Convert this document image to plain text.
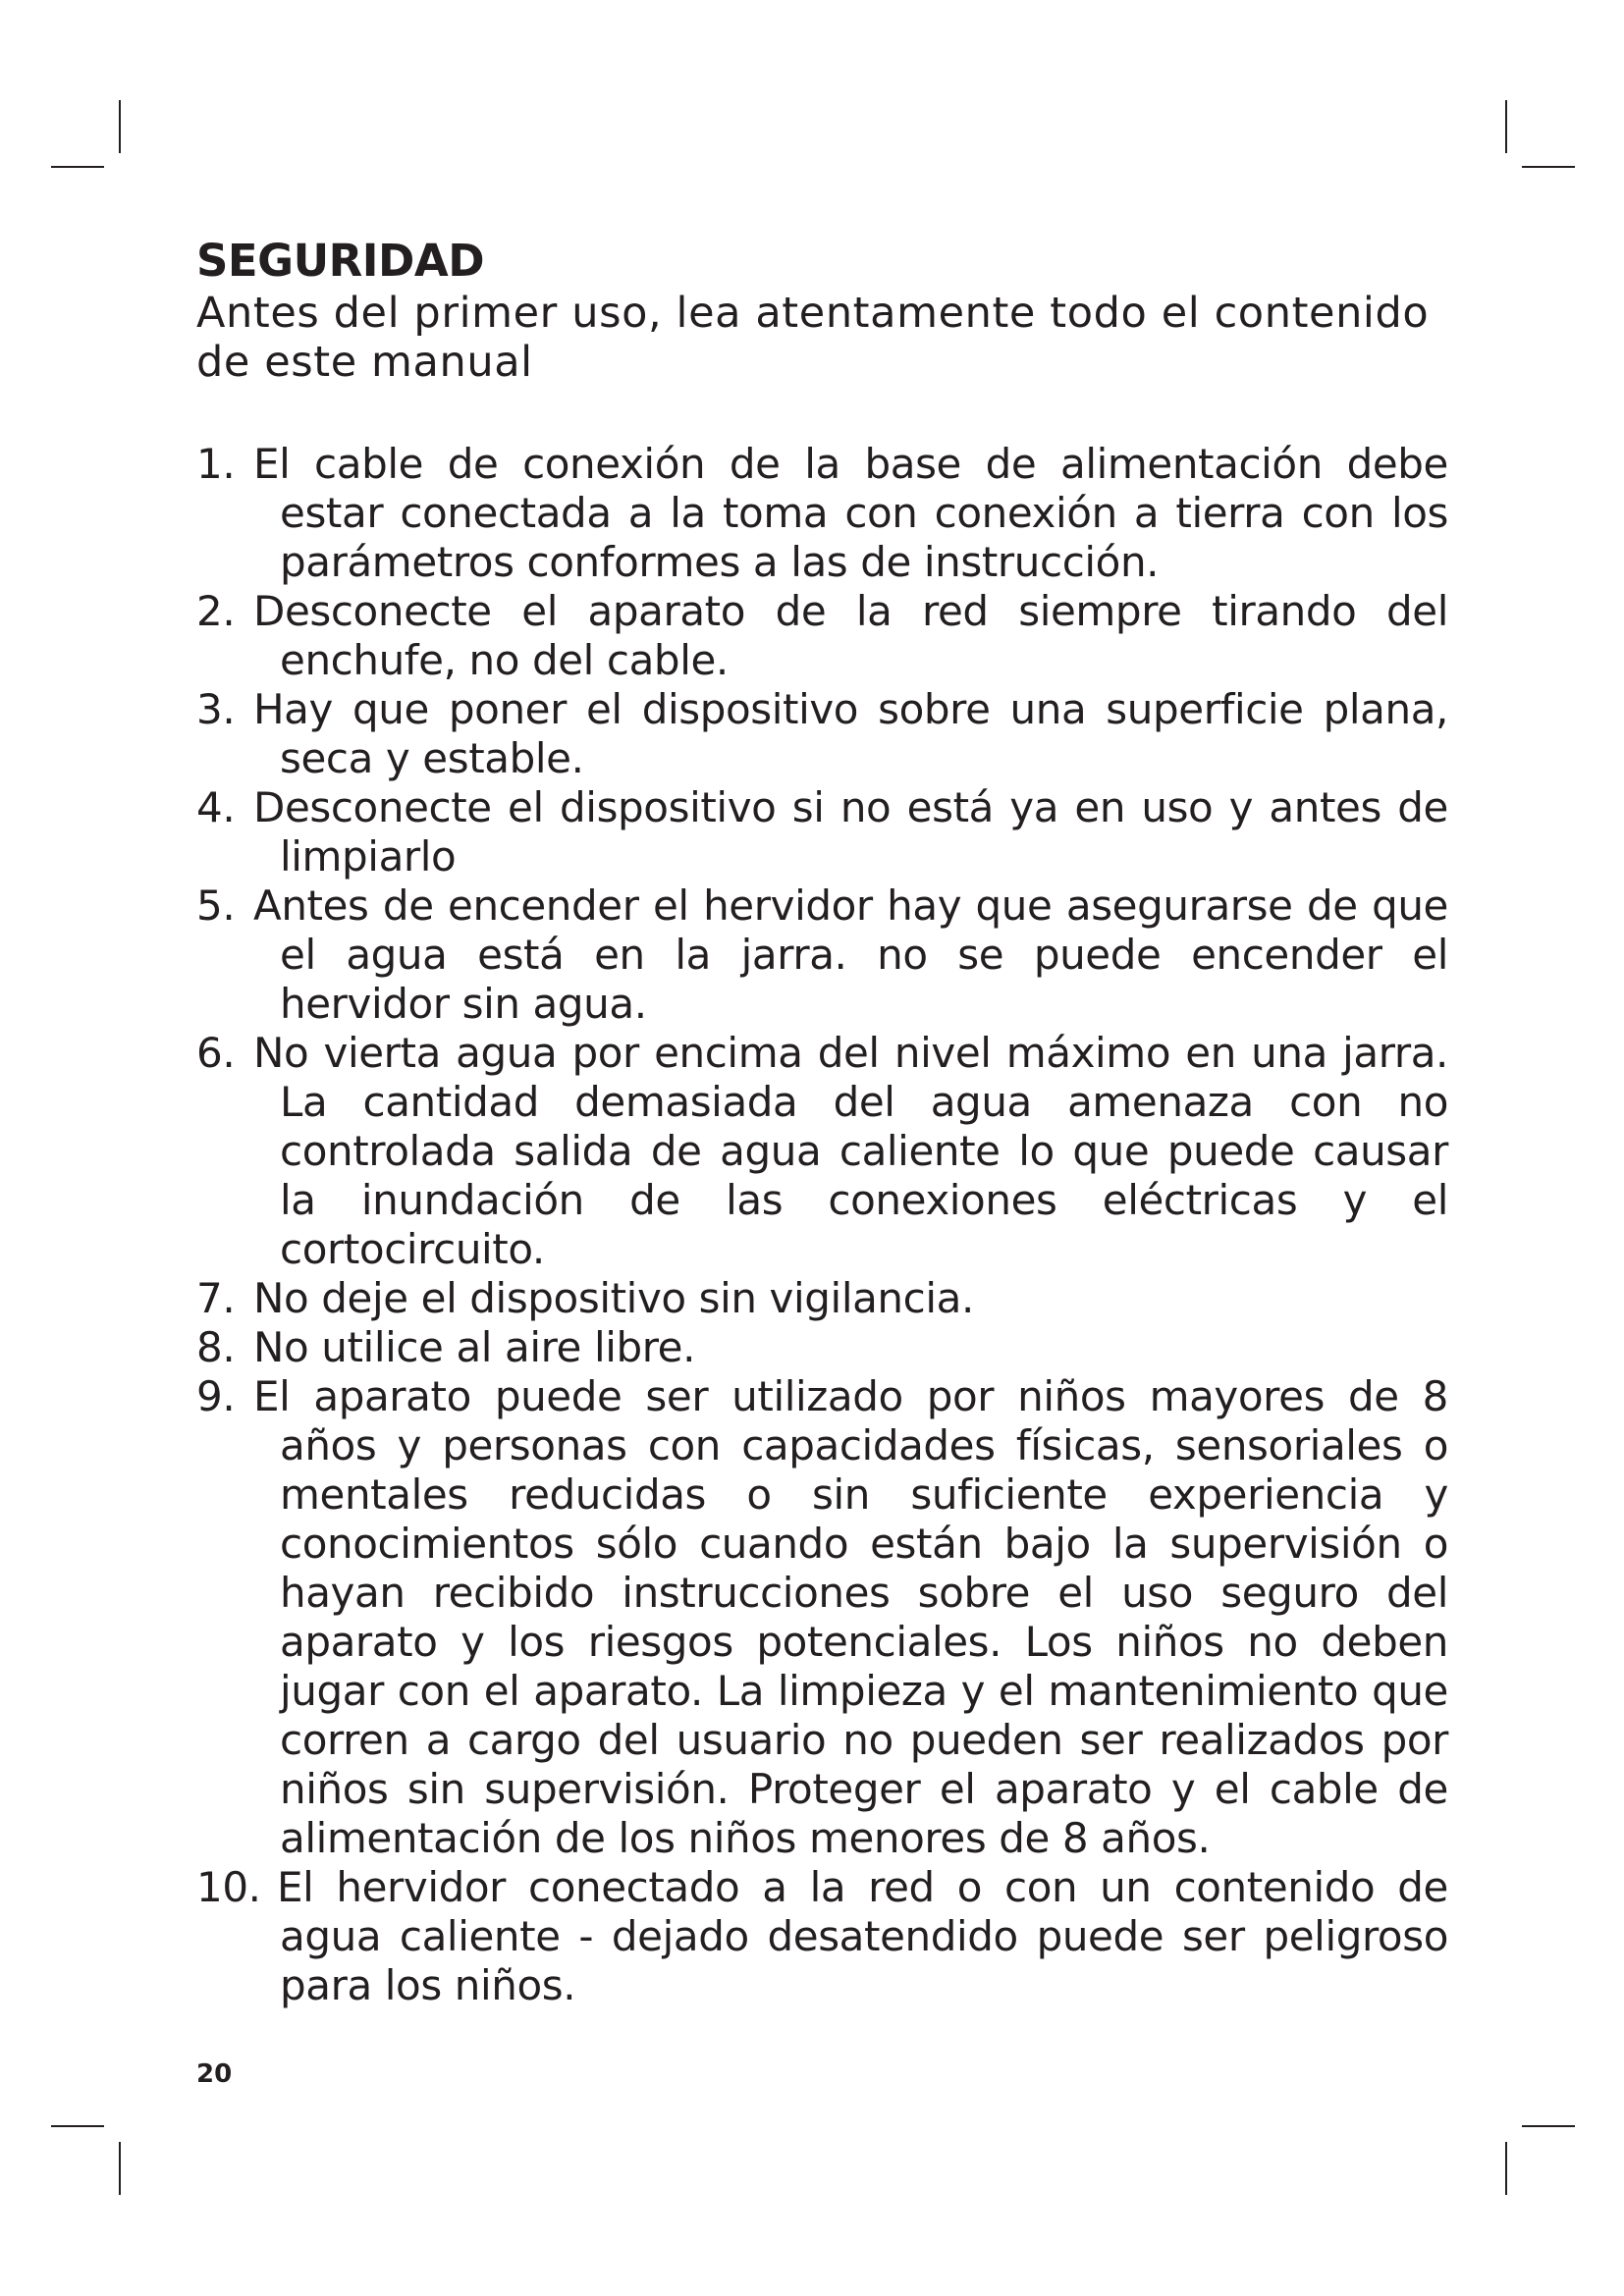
SEGURIDAD

Antes del primer uso, lea atentamente todo el contenido de este manual

1. El cable de conexión de la base de alimentación debe estar conectada a la toma con conexión a tierra con los parámetros conformes a las de instrucción.
2. Desconecte el aparato de la red siempre tirando del enchufe, no del cable.
3. Hay que poner el dispositivo sobre una superficie plana, seca y estable.
4. Desconecte el dispositivo si no está ya en uso y antes de limpiarlo
5. Antes de encender el hervidor hay que asegurarse de que el agua está en la jarra. no se puede encender el hervidor sin agua.
6. No vierta agua por encima del nivel máximo en una jarra. La cantidad demasiada del agua amenaza con no controlada salida de agua caliente lo que puede causar la inundación de las conexiones eléctricas y el cortocircuito.
7. No deje el dispositivo sin vigilancia.
8. No utilice al aire libre.
9. El aparato puede ser utilizado por niños mayores de 8 años y personas con capacidades físicas, sensoriales o mentales reducidas o sin suficiente experiencia y conocimientos sólo cuando están bajo la supervisión o hayan recibido instrucciones sobre el uso seguro del aparato y los riesgos potenciales. Los niños no deben jugar con el aparato. La limpieza y el mantenimiento que corren a cargo del usuario no pueden ser realizados por niños sin supervisión. Proteger el aparato y el cable de alimentación de los niños menores de 8 años.
10. El hervidor conectado a la red o con un contenido de agua caliente - dejado desatendido puede ser peligroso para los niños.

20
